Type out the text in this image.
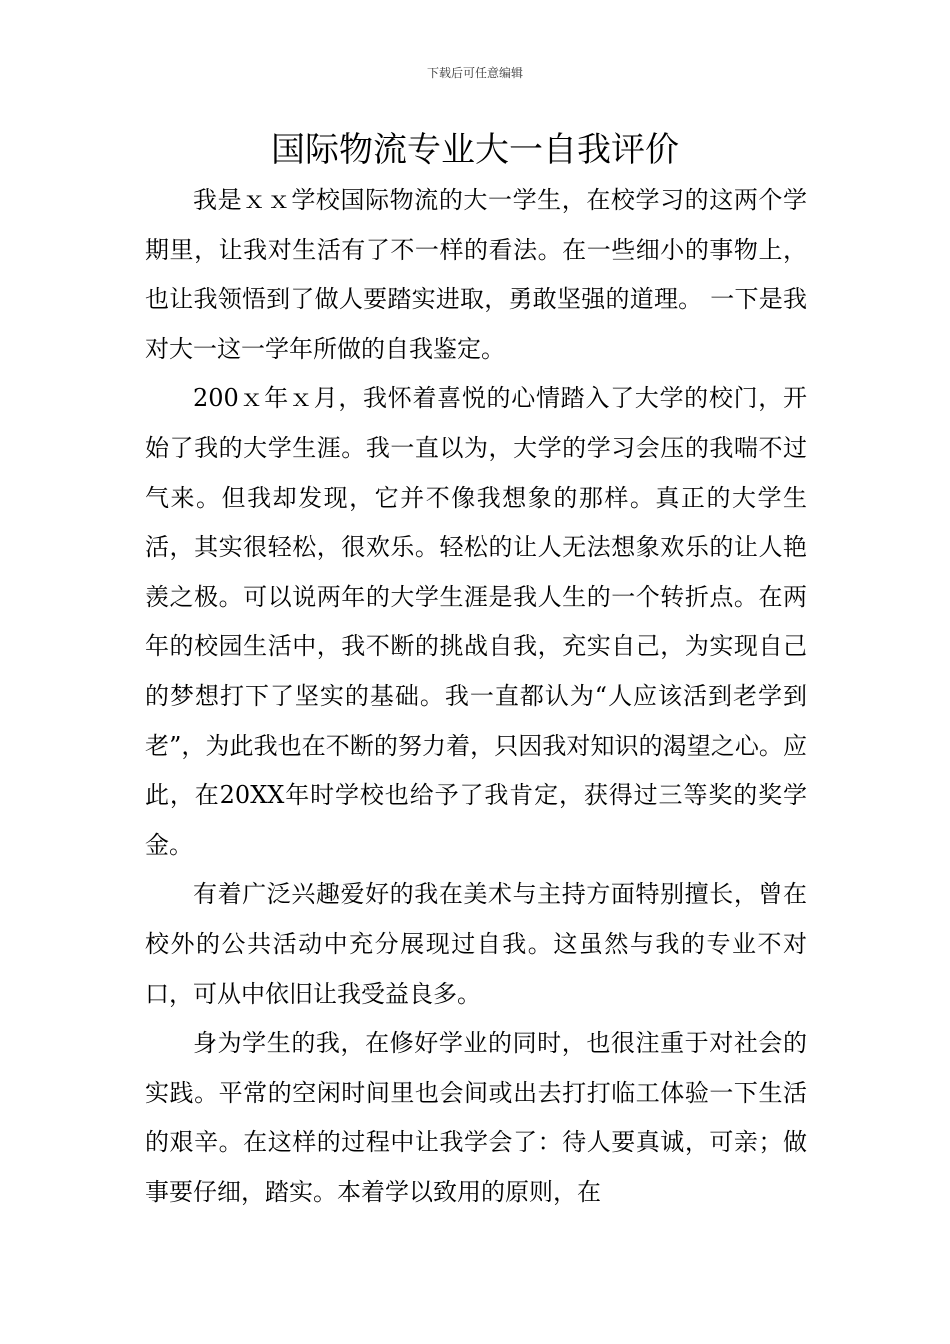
下载后可任意编辑
国际物流专业大一自我评价

我是ｘｘ学校国际物流的大一学生，在校学习的这两个学期里，让我对生活有了不一样的看法。在一些细小的事物上，也让我领悟到了做人要踏实进取，勇敢坚强的道理。 一下是我对大一这一学年所做的自我鉴定。

200ｘ年ｘ月，我怀着喜悦的心情踏入了大学的校门，开始了我的大学生涯。我一直以为，大学的学习会压的我喘不过气来。但我却发现，它并不像我想象的那样。真正的大学生活，其实很轻松，很欢乐。轻松的让人无法想象欢乐的让人艳羡之极。可以说两年的大学生涯是我人生的一个转折点。在两年的校园生活中，我不断的挑战自我，充实自己，为实现自己的梦想打下了坚实的基础。我一直都认为“人应该活到老学到老”，为此我也在不断的努力着，只因我对知识的渴望之心。应此，在20XX年时学校也给予了我肯定，获得过三等奖的奖学金。

有着广泛兴趣爱好的我在美术与主持方面特别擅长，曾在校外的公共活动中充分展现过自我。这虽然与我的专业不对口，可从中依旧让我受益良多。

身为学生的我，在修好学业的同时，也很注重于对社会的实践。平常的空闲时间里也会间或出去打打临工体验一下生活的艰辛。在这样的过程中让我学会了：待人要真诚，可亲；做事要仔细，踏实。本着学以致用的原则，在
